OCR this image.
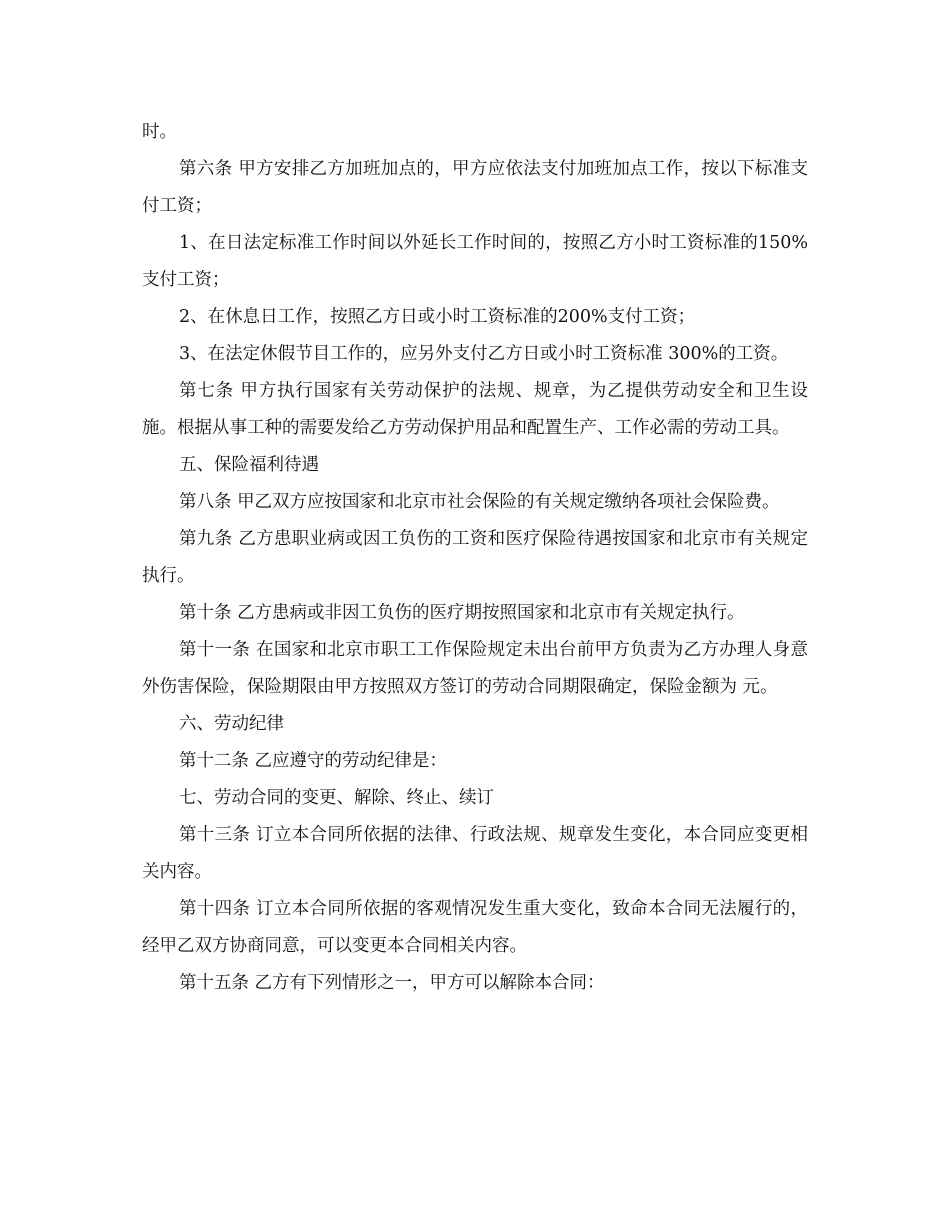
时。

第六条 甲方安排乙方加班加点的，甲方应依法支付加班加点工作，按以下标准支付工资；

1、在日法定标准工作时间以外延长工作时间的，按照乙方小时工资标准的150%支付工资；

2、在休息日工作，按照乙方日或小时工资标准的200%支付工资；

3、在法定休假节目工作的，应另外支付乙方日或小时工资标准 300%的工资。

第七条 甲方执行国家有关劳动保护的法规、规章，为乙提供劳动安全和卫生设施。根据从事工种的需要发给乙方劳动保护用品和配置生产、工作必需的劳动工具。

五、保险福利待遇

第八条 甲乙双方应按国家和北京市社会保险的有关规定缴纳各项社会保险费。

第九条 乙方患职业病或因工负伤的工资和医疗保险待遇按国家和北京市有关规定执行。

第十条 乙方患病或非因工负伤的医疗期按照国家和北京市有关规定执行。

第十一条 在国家和北京市职工工作保险规定未出台前甲方负责为乙方办理人身意外伤害保险，保险期限由甲方按照双方签订的劳动合同期限确定，保险金额为 元。

六、劳动纪律

第十二条 乙应遵守的劳动纪律是：

七、劳动合同的变更、解除、终止、续订

第十三条 订立本合同所依据的法律、行政法规、规章发生变化，本合同应变更相关内容。

第十四条 订立本合同所依据的客观情况发生重大变化，致命本合同无法履行的，经甲乙双方协商同意，可以变更本合同相关内容。

第十五条 乙方有下列情形之一，甲方可以解除本合同：
